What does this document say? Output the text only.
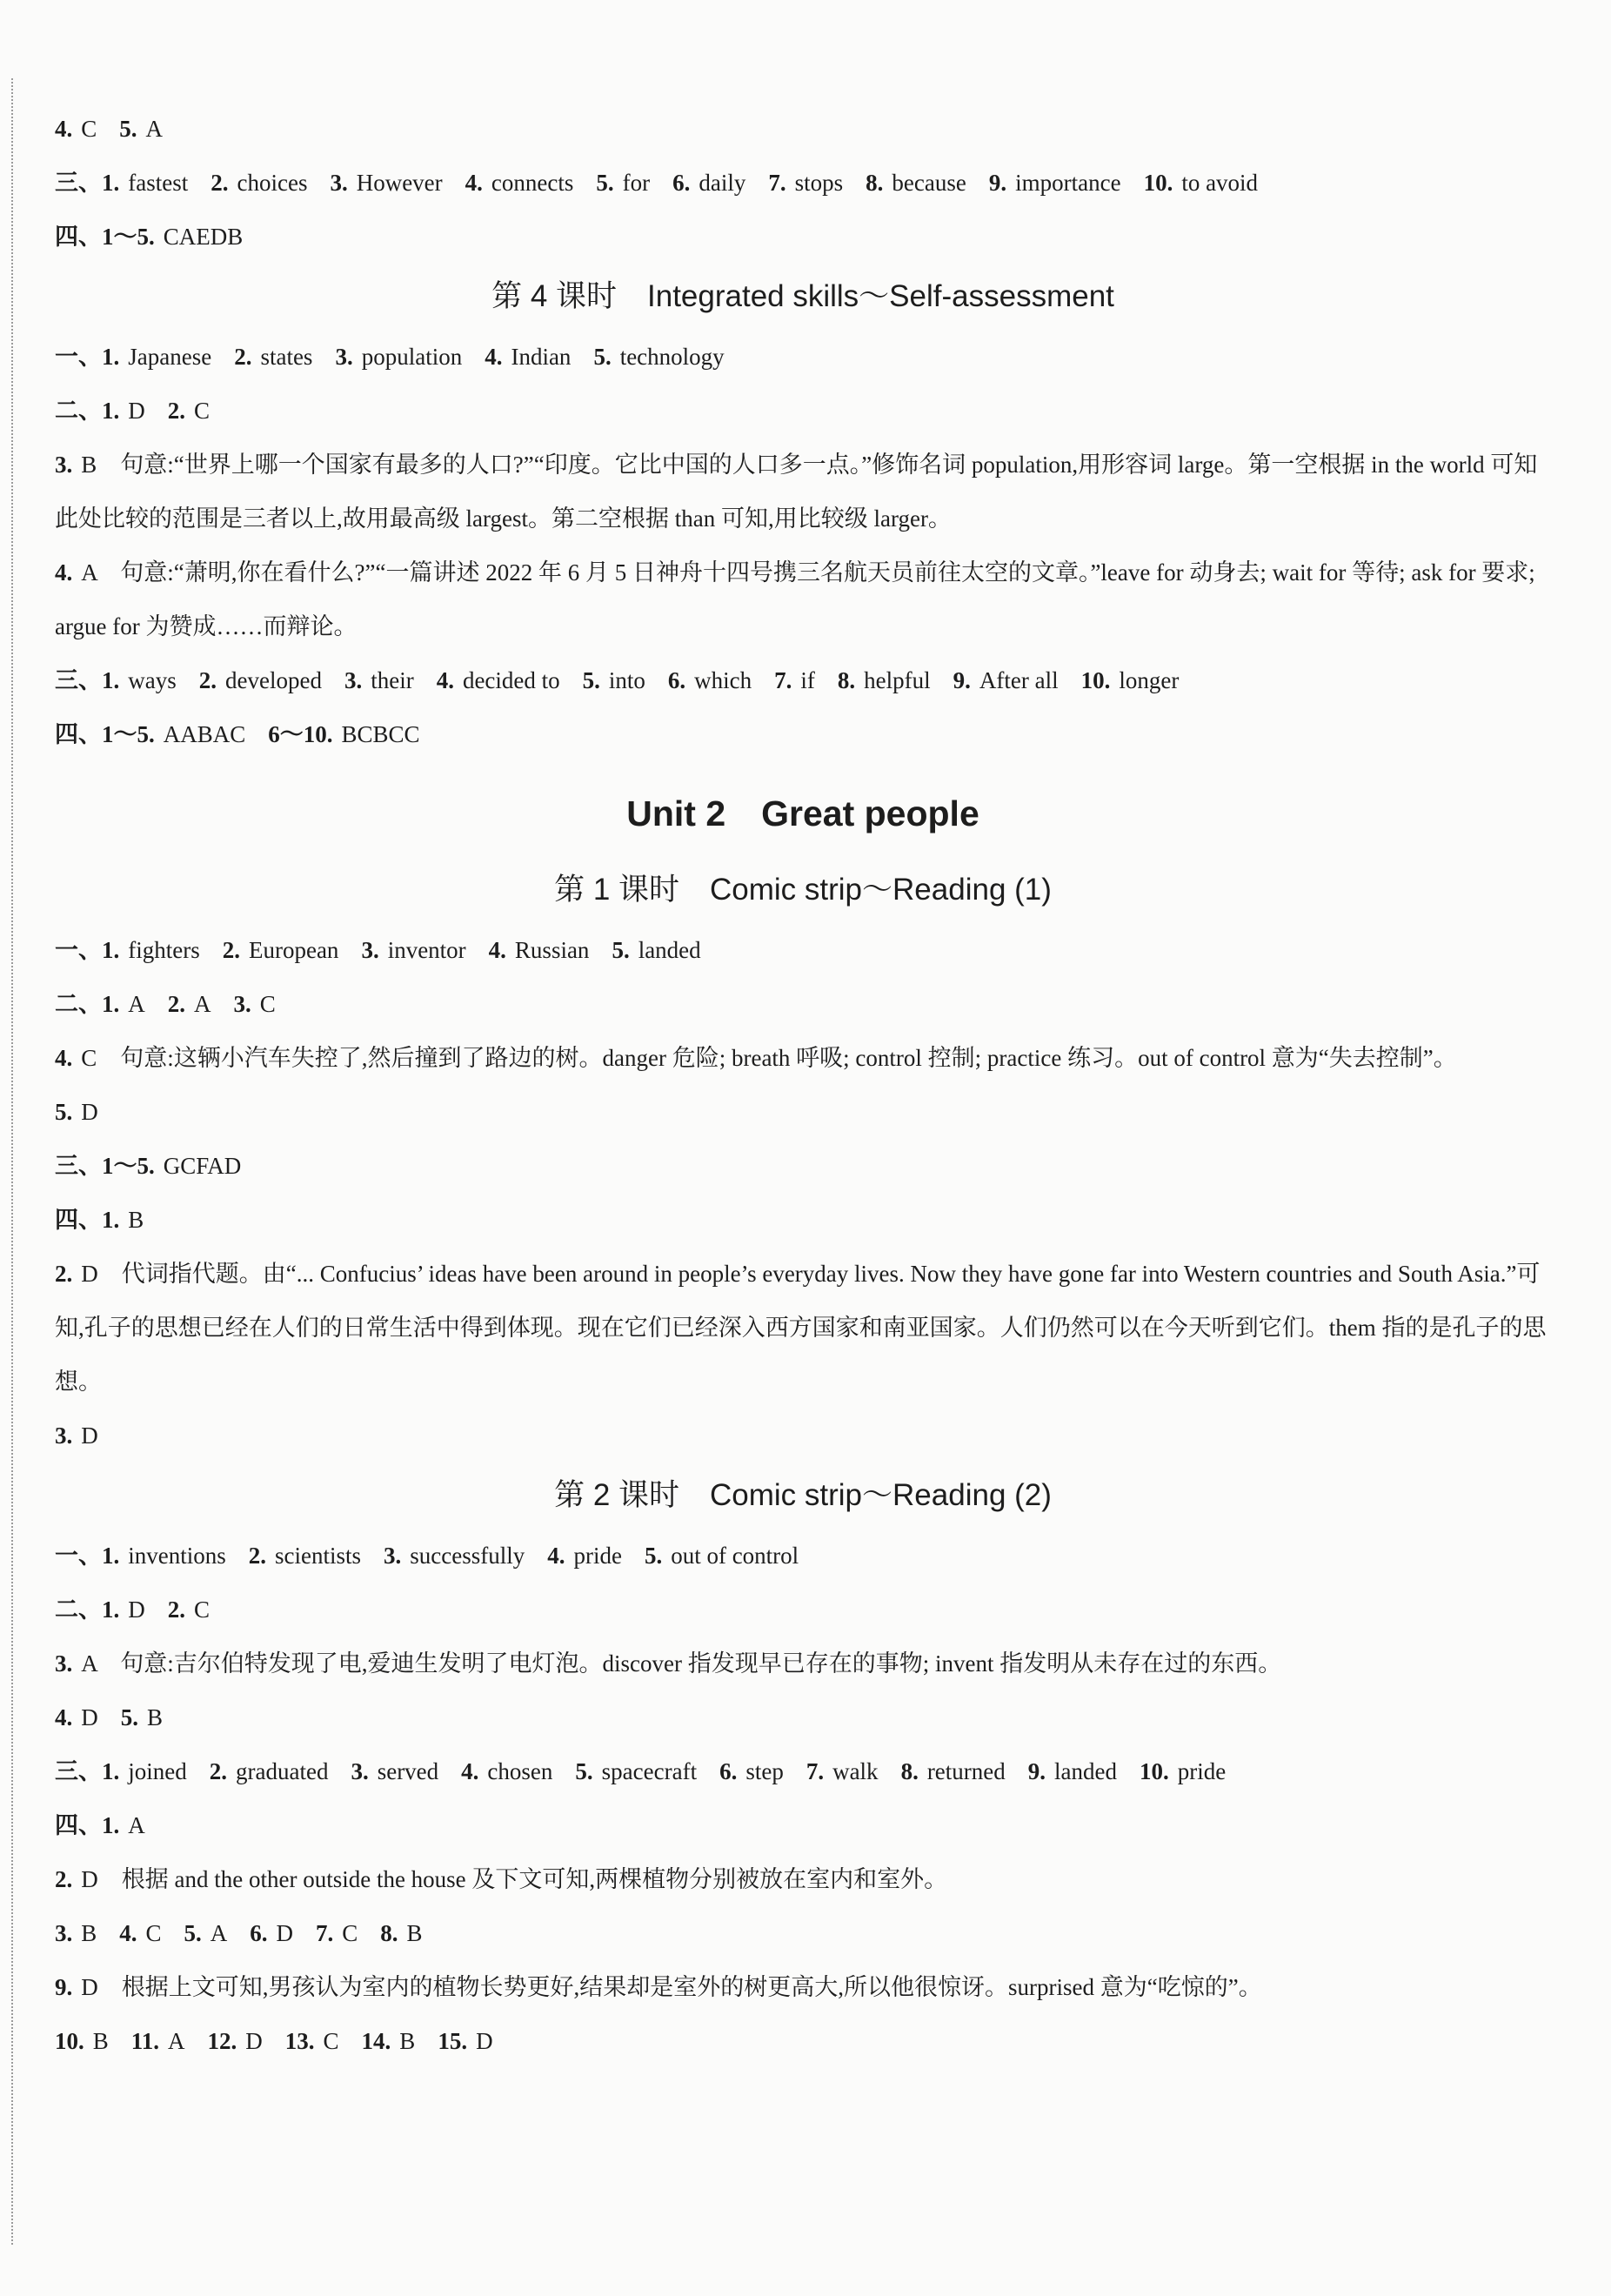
4. C 5. A
三、1. fastest 2. choices 3. However 4. connects 5. for 6. daily 7. stops 8. because 9. importance 10. to avoid
四、1～5. CAEDB
第 4 课时　Integrated skills～Self-assessment
一、1. Japanese 2. states 3. population 4. Indian 5. technology
二、1. D 2. C
3. B　句意:“世界上哪一个国家有最多的人口?”“印度。它比中国的人口多一点。”修饰名词 population,用形容词 large。第一空根据 in the world 可知此处比较的范围是三者以上,故用最高级 largest。第二空根据 than 可知,用比较级 larger。
4. A　句意:“萧明,你在看什么?”“一篇讲述 2022 年 6 月 5 日神舟十四号携三名航天员前往太空的文章。”leave for 动身去; wait for 等待; ask for 要求; argue for 为赞成……而辩论。
三、1. ways 2. developed 3. their 4. decided to 5. into 6. which 7. if 8. helpful 9. After all 10. longer
四、1～5. AABAC 6～10. BCBCC
Unit 2　Great people
第 1 课时　Comic strip～Reading (1)
一、1. fighters 2. European 3. inventor 4. Russian 5. landed
二、1. A 2. A 3. C
4. C　句意:这辆小汽车失控了,然后撞到了路边的树。danger 危险; breath 呼吸; control 控制; practice 练习。out of control 意为“失去控制”。
5. D
三、1～5. GCFAD
四、1. B
2. D　代词指代题。由“... Confucius’ ideas have been around in people’s everyday lives. Now they have gone far into Western countries and South Asia.”可知,孔子的思想已经在人们的日常生活中得到体现。现在它们已经深入西方国家和南亚国家。人们仍然可以在今天听到它们。them 指的是孔子的思想。
3. D
第 2 课时　Comic strip～Reading (2)
一、1. inventions 2. scientists 3. successfully 4. pride 5. out of control
二、1. D 2. C
3. A　句意:吉尔伯特发现了电,爱迪生发明了电灯泡。discover 指发现早已存在的事物; invent 指发明从未存在过的东西。
4. D 5. B
三、1. joined 2. graduated 3. served 4. chosen 5. spacecraft 6. step 7. walk 8. returned 9. landed 10. pride
四、1. A
2. D　根据 and the other outside the house 及下文可知,两棵植物分别被放在室内和室外。
3. B 4. C 5. A 6. D 7. C 8. B
9. D　根据上文可知,男孩认为室内的植物长势更好,结果却是室外的树更高大,所以他很惊讶。surprised 意为“吃惊的”。
10. B 11. A 12. D 13. C 14. B 15. D
